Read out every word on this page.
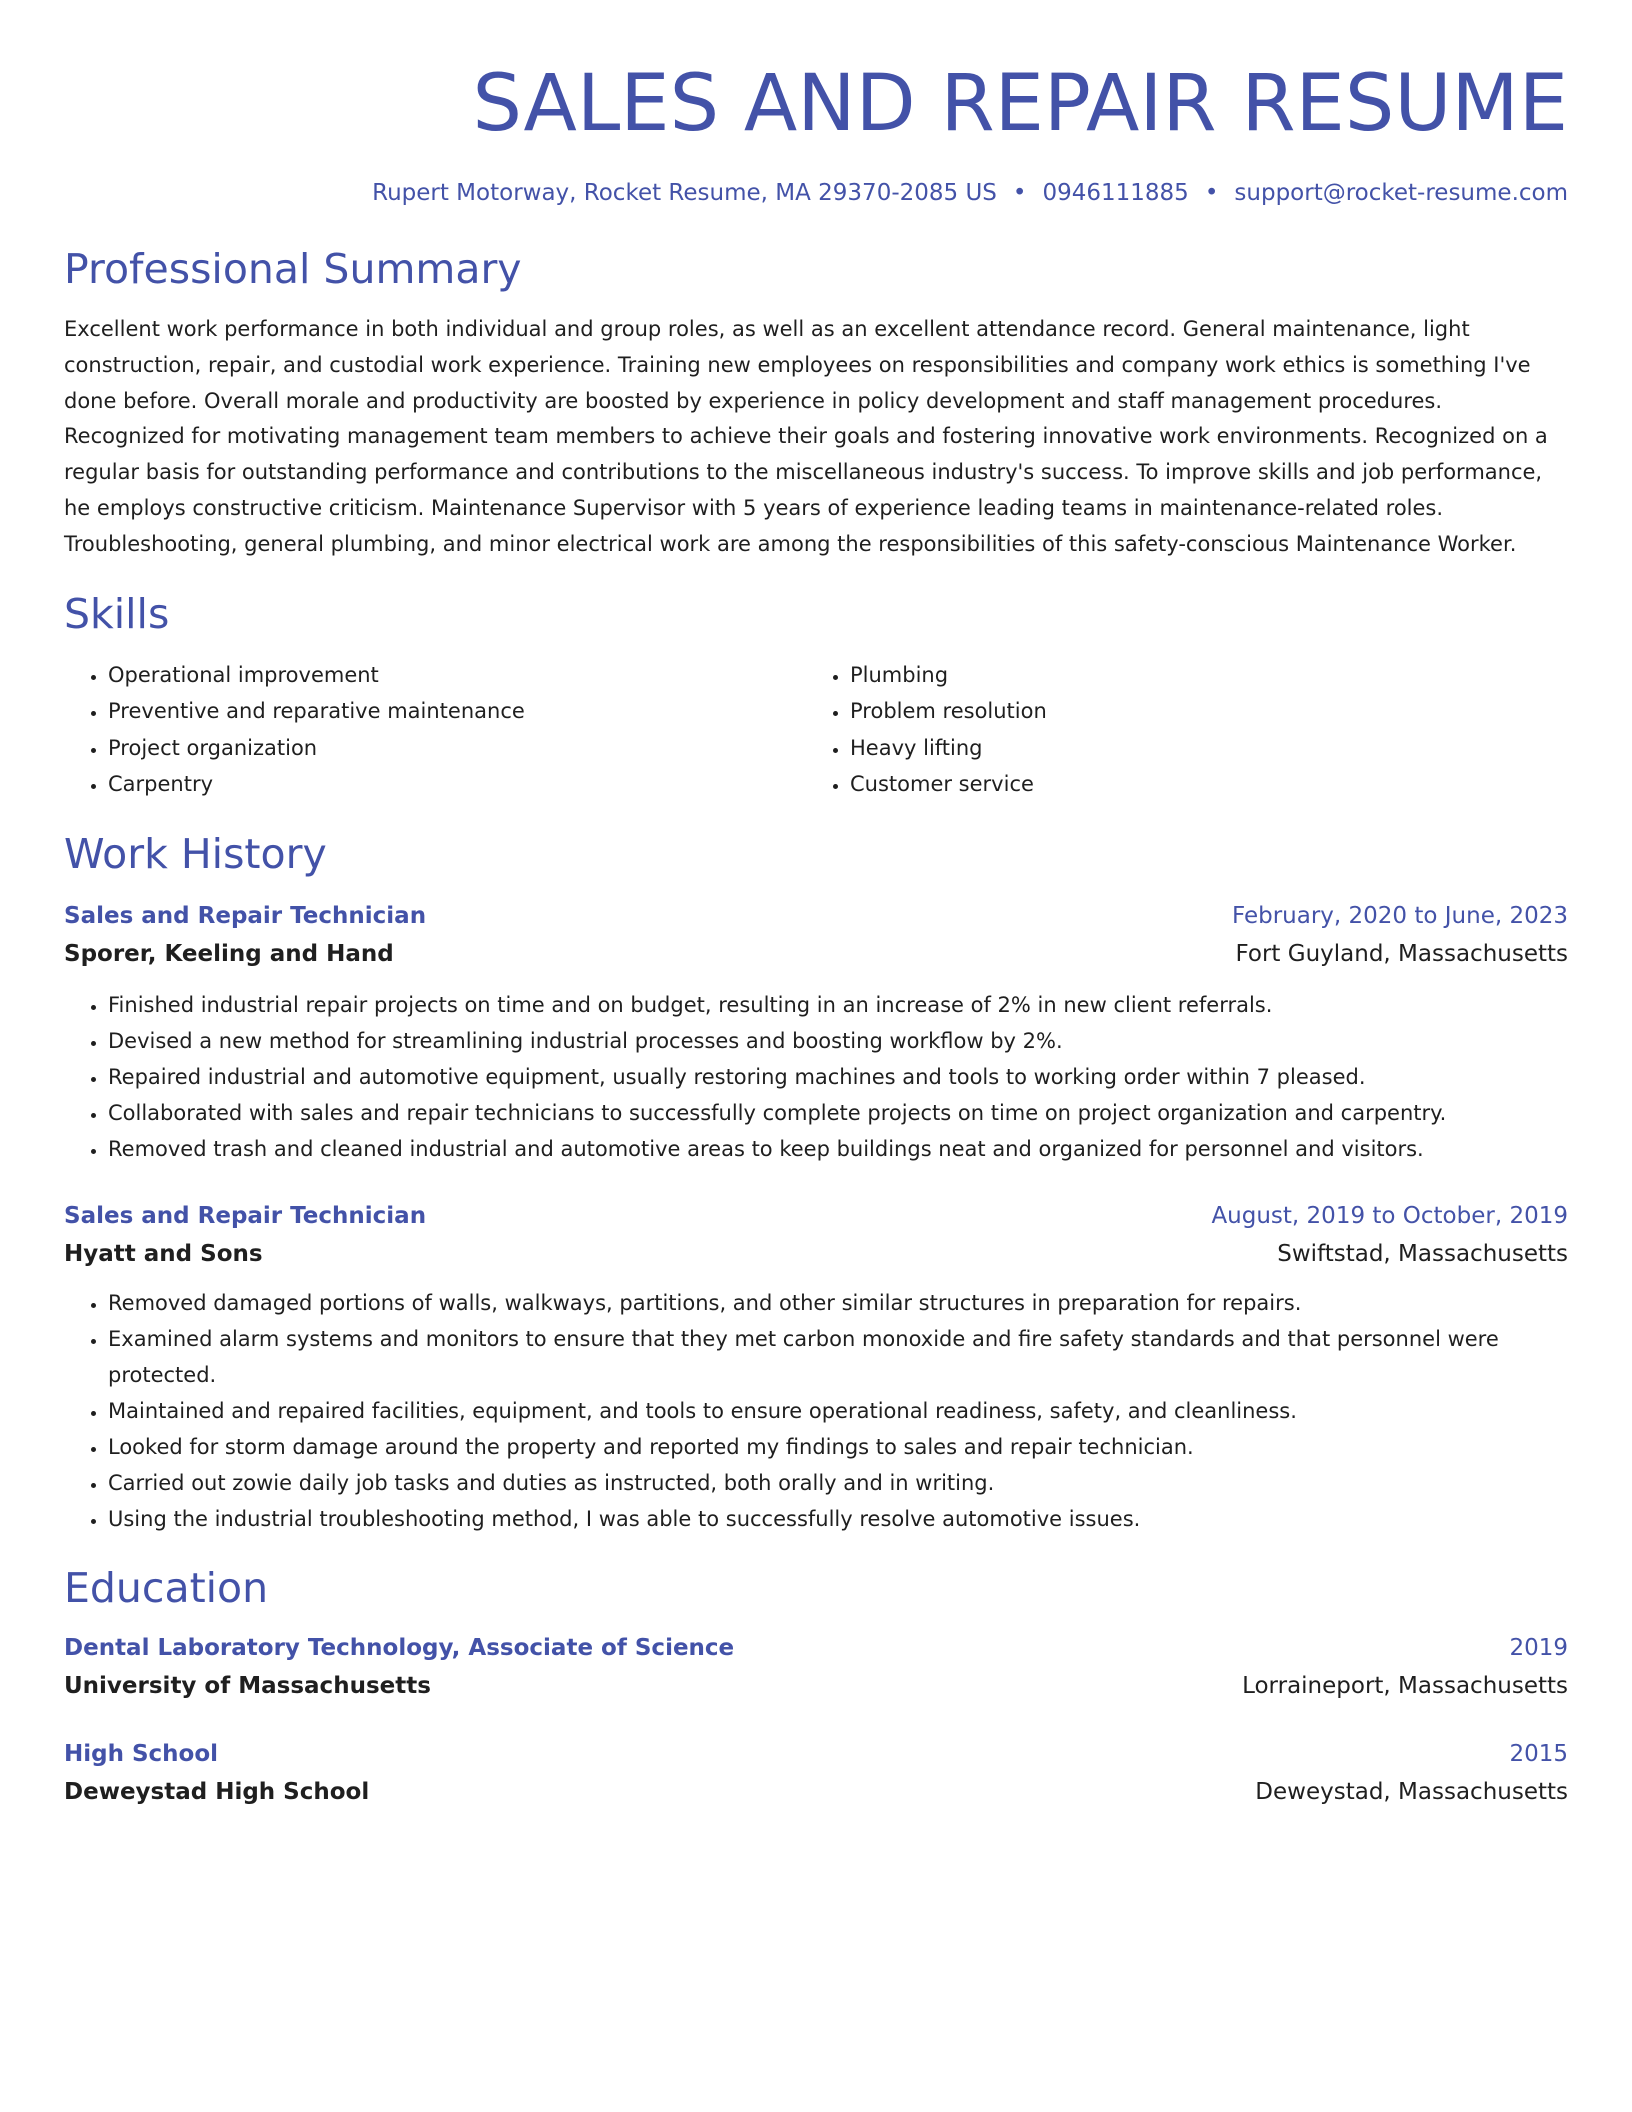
SALES AND REPAIR RESUME
Rupert Motorway, Rocket Resume, MA 29370-2085 US • 0946111885 • support@rocket-resume.com
Professional Summary
Excellent work performance in both individual and group roles, as well as an excellent attendance record. General maintenance, light construction, repair, and custodial work experience. Training new employees on responsibilities and company work ethics is something I've done before. Overall morale and productivity are boosted by experience in policy development and staff management procedures. Recognized for motivating management team members to achieve their goals and fostering innovative work environments. Recognized on a regular basis for outstanding performance and contributions to the miscellaneous industry's success. To improve skills and job performance, he employs constructive criticism. Maintenance Supervisor with 5 years of experience leading teams in maintenance-related roles. Troubleshooting, general plumbing, and minor electrical work are among the responsibilities of this safety-conscious Maintenance Worker.
Skills
• Operational improvement
• Preventive and reparative maintenance
• Project organization
• Carpentry
• Plumbing
• Problem resolution
• Heavy lifting
• Customer service
Work History
Sales and Repair Technician	February, 2020 to June, 2023
Sporer, Keeling and Hand	Fort Guyland, Massachusetts
• Finished industrial repair projects on time and on budget, resulting in an increase of 2% in new client referrals.
• Devised a new method for streamlining industrial processes and boosting workflow by 2%.
• Repaired industrial and automotive equipment, usually restoring machines and tools to working order within 7 pleased.
• Collaborated with sales and repair technicians to successfully complete projects on time on project organization and carpentry.
• Removed trash and cleaned industrial and automotive areas to keep buildings neat and organized for personnel and visitors.
Sales and Repair Technician	August, 2019 to October, 2019
Hyatt and Sons	Swiftstad, Massachusetts
• Removed damaged portions of walls, walkways, partitions, and other similar structures in preparation for repairs.
• Examined alarm systems and monitors to ensure that they met carbon monoxide and fire safety standards and that personnel were protected.
• Maintained and repaired facilities, equipment, and tools to ensure operational readiness, safety, and cleanliness.
• Looked for storm damage around the property and reported my findings to sales and repair technician.
• Carried out zowie daily job tasks and duties as instructed, both orally and in writing.
• Using the industrial troubleshooting method, I was able to successfully resolve automotive issues.
Education
Dental Laboratory Technology, Associate of Science	2019
University of Massachusetts	Lorraineport, Massachusetts
High School	2015
Deweystad High School	Deweystad, Massachusetts
